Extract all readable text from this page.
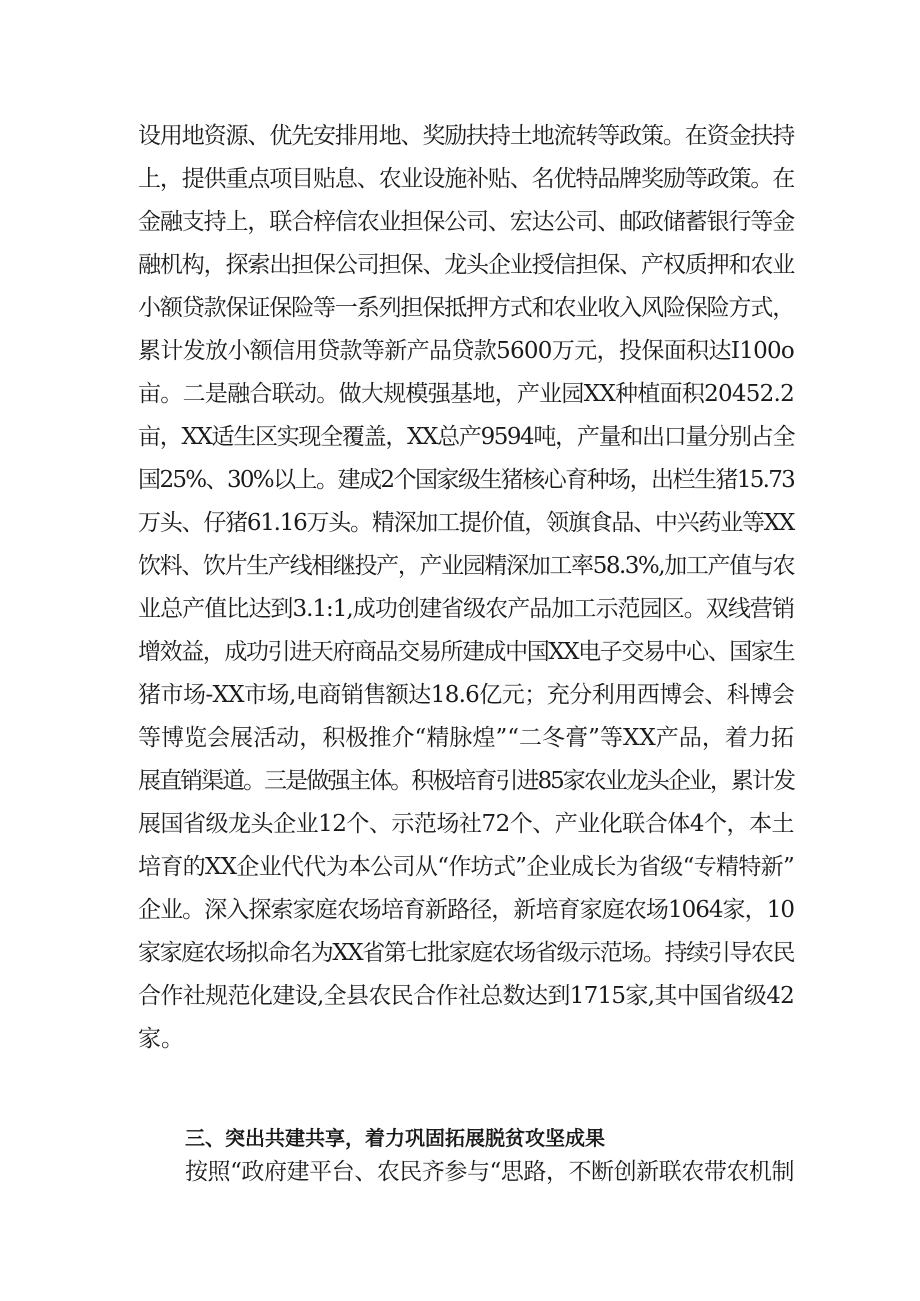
设用地资源、优先安排用地、奖励扶持土地流转等政策。在资金扶持

上，提供重点项目贴息、农业设施补贴、名优特品牌奖励等政策。在

金融支持上，联合梓信农业担保公司、宏达公司、邮政储蓄银行等金

融机构，探索出担保公司担保、龙头企业授信担保、产权质押和农业

小额贷款保证保险等一系列担保抵押方式和农业收入风险保险方式，

累计发放小额信用贷款等新产品贷款5600万元，投保面积达I100o

亩。二是融合联动。做大规模强基地，产业园XX种植面积20452.2

亩，XX适生区实现全覆盖，XX总产9594吨，产量和出口量分别占全

国25%、30%以上。建成2个国家级生猪核心育种场，出栏生猪15.73

万头、仔猪61.16万头。精深加工提价值，领旗食品、中兴药业等XX

饮料、饮片生产线相继投产，产业园精深加工率58.3%,加工产值与农

业总产值比达到3.1:1,成功创建省级农产品加工示范园区。双线营销

增效益，成功引进天府商品交易所建成中国XX电子交易中心、国家生

猪市场-XX市场,电商销售额达18.6亿元；充分利用西博会、科博会

等博览会展活动，积极推介“精脉煌”“二冬膏”等XX产品，着力拓

展直销渠道。三是做强主体。积极培育引进85家农业龙头企业，累计发

展国省级龙头企业12个、示范场社72个、产业化联合体4个，本土

培育的XX企业代代为本公司从“作坊式”企业成长为省级“专精特新”

企业。深入探索家庭农场培育新路径，新培育家庭农场1064家，10

家家庭农场拟命名为XX省第七批家庭农场省级示范场。持续引导农民

合作社规范化建设,全县农民合作社总数达到1715家,其中国省级42

家。

三、突出共建共享，着力巩固拓展脱贫攻坚成果

按照“政府建平台、农民齐参与“思路，不断创新联农带农机制
